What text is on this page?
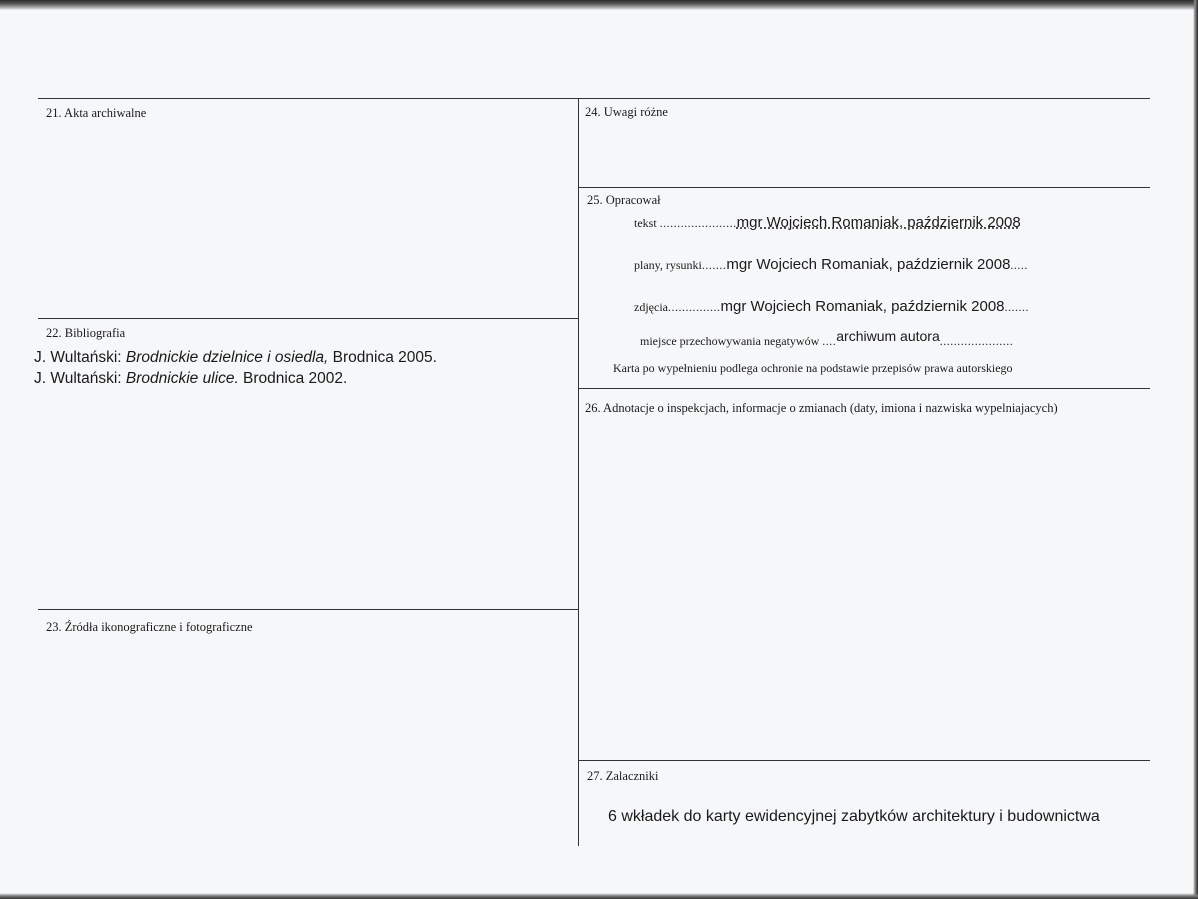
21. Akta archiwalne
22. Bibliografia
J. Wultański: Brodnickie dzielnice i osiedla, Brodnica 2005.
J. Wultański: Brodnickie ulice. Brodnica 2002.
23. Źródła ikonograficzne i fotograficzne
24. Uwagi różne
25. Opracował
tekst ......................mgr Wojciech Romaniak, październik 2008
plany, rysunki.......mgr Wojciech Romaniak, październik 2008.....
zdjęcia...............mgr Wojciech Romaniak, październik 2008.......
miejsce przechowywania negatywów ....archiwum autora.....................
Karta po wypełnieniu podlega ochronie na podstawie przepisów prawa autorskiego
26. Adnotacje o inspekcjach, informacje o zmianach (daty, imiona i nazwiska wypelniajacych)
27. Zalaczniki
6 wkładek do karty ewidencyjnej zabytków architektury i budownictwa
